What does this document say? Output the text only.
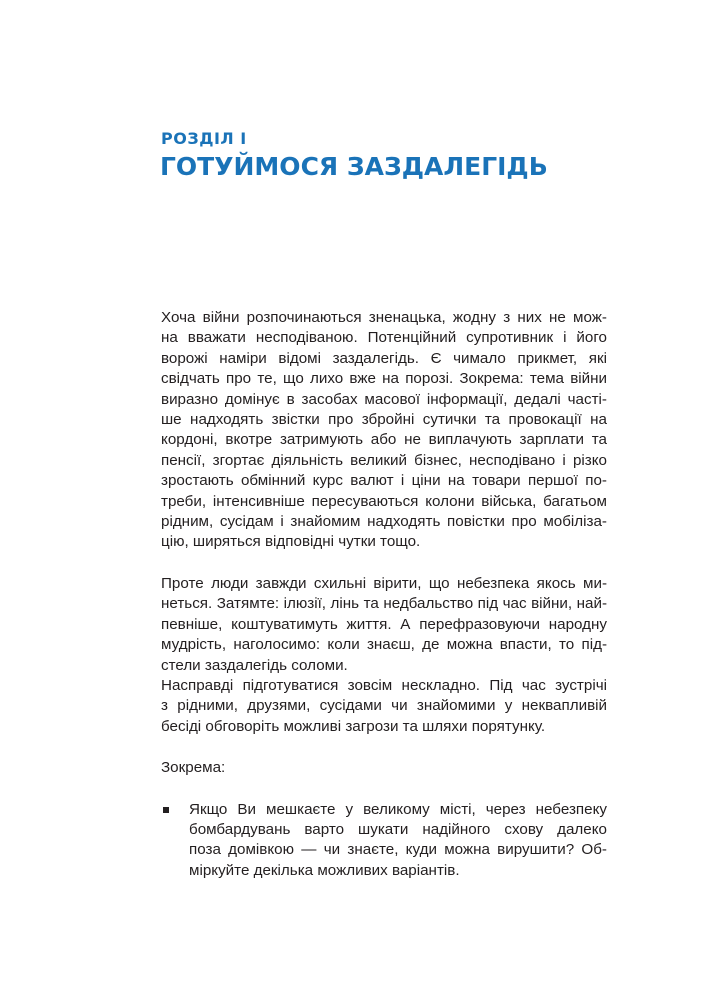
РОЗДІЛ І
ГОТУЙМОСЯ ЗАЗДАЛЕГІДЬ

Хоча війни розпочинаються зненацька, жодну з них не мож-
на вважати несподіваною. Потенційний супротивник і його
ворожі наміри відомі заздалегідь. Є чимало прикмет, які
свідчать про те, що лихо вже на порозі. Зокрема: тема війни
виразно домінує в засобах масової інформації, дедалі часті-
ше надходять звістки про збройні сутички та провокації на
кордоні, вкотре затримують або не виплачують зарплати та
пенсії, згортає діяльність великий бізнес, несподівано і різко
зростають обмінний курс валют і ціни на товари першої по-
треби, інтенсивніше пересуваються колони війська, багатьом
рідним, сусідам і знайомим надходять повістки про мобіліза-
цію, ширяться відповідні чутки тощо.

Проте люди завжди схильні вірити, що небезпека якось ми-
неться. Затямте: ілюзії, лінь та недбальство під час війни, най-
певніше, коштуватимуть життя. А перефразовуючи народну
мудрість, наголосимо: коли знаєш, де можна впасти, то під-
стели заздалегідь соломи.

Насправді підготуватися зовсім нескладно. Під час зустрічі
з рідними, друзями, сусідами чи знайомими у неквапливій
бесіді обговоріть можливі загрози та шляхи порятунку.

Зокрема:

Якщо Ви мешкаєте у великому місті, через небезпеку
бомбардувань варто шукати надійного схову далеко
поза домівкою — чи знаєте, куди можна вирушити? Об-
міркуйте декілька можливих варіантів.
